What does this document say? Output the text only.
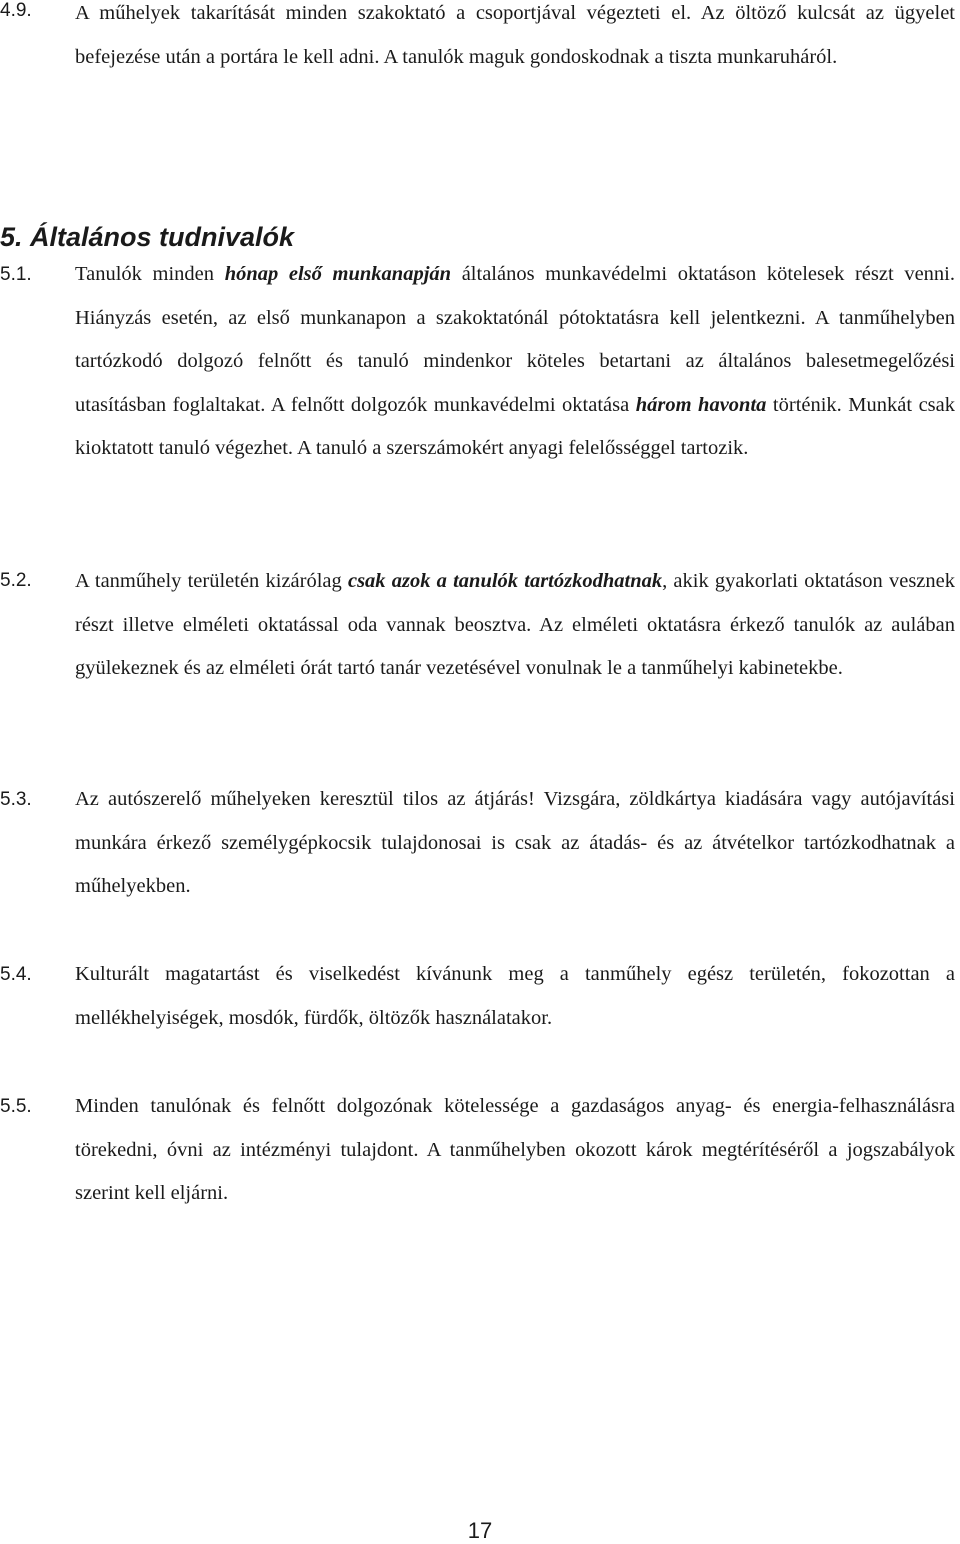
4.9. A műhelyek takarítását minden szakoktató a csoportjával végezteti el. Az öltöző kulcsát az ügyelet befejezése után a portára le kell adni. A tanulók maguk gondoskodnak a tiszta munkaruháról.

5. Általános tudnivalók
5.1. Tanulók minden hónap első munkanapján általános munkavédelmi oktatáson kötelesek részt venni. Hiányzás esetén, az első munkanapon a szakoktatónál pótoktatásra kell jelentkezni. A tanműhelyben tartózkodó dolgozó felnőtt és tanuló mindenkor köteles betartani az általános balesetmegelőzési utasításban foglaltakat. A felnőtt dolgozók munkavédelmi oktatása három havonta történik. Munkát csak kioktatott tanuló végezhet. A tanuló a szerszámokért anyagi felelősséggel tartozik.

5.2. A tanműhely területén kizárólag csak azok a tanulók tartózkodhatnak, akik gyakorlati oktatáson vesznek részt illetve elméleti oktatással oda vannak beosztva. Az elméleti oktatásra érkező tanulók az aulában gyülekeznek és az elméleti órát tartó tanár vezetésével vonulnak le a tanműhelyi kabinetekbe.

5.3. Az autószerelő műhelyeken keresztül tilos az átjárás! Vizsgára, zöldkártya kiadására vagy autójavítási munkára érkező személygépkocsik tulajdonosai is csak az átadás- és az átvételkor tartózkodhatnak a műhelyekben.

5.4. Kulturált magatartást és viselkedést kívánunk meg a tanműhely egész területén, fokozottan a mellékhelyiségek, mosdók, fürdők, öltözők használatakor.

5.5. Minden tanulónak és felnőtt dolgozónak kötelessége a gazdaságos anyag- és energia-felhasználásra törekedni, óvni az intézményi tulajdont. A tanműhelyben okozott károk megtérítéséről a jogszabályok szerint kell eljárni.

17
